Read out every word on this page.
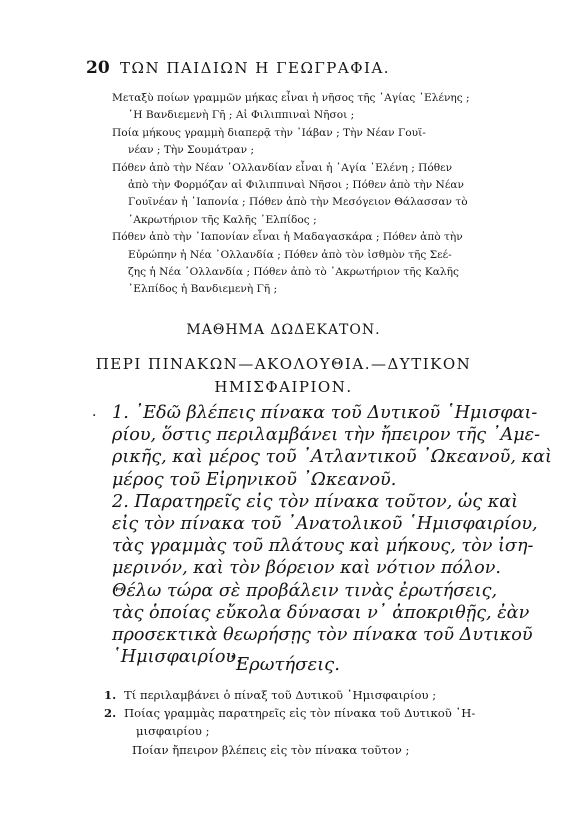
20 ΤΩΝ ΠΑΙΔΙΩΝ Η ΓΕΩΓΡΑΦΙΑ.
Μεταξὺ ποίων γραμμῶν μήκας εἶναι ἡ νῆσος τῆς ῾Αγίας ᾿Ελένης ;
῾Η Βανδιεμενὴ Γῆ ; Αἱ Φιλιππιναὶ Νῆσοι ;
Ποία μήκους γραμμὴ διαπερᾷ τὴν ᾽Ιάβαν ; Τὴν Νέαν Γουϊ-
νέαν ; Τὴν Σουμάτραν ;
Πόθεν ἀπὸ τὴν Νέαν ᾽Ολλανδίαν εἶναι ἡ ῾Αγία ᾿Ελένη ; Πόθεν
ἀπὸ τὴν Φορμόζαν αἱ Φιλιππιναὶ Νῆσοι ; Πόθεν ἀπὸ τὴν Νέαν
Γουϊνέαν ἡ ᾽Ιαπονία ; Πόθεν ἀπὸ τὴν Μεσόγειον Θάλασσαν τὸ
᾽Ακρωτήριον τῆς Καλῆς ᾽Ελπίδος ;
Πόθεν ἀπὸ τὴν ᾽Ιαπονίαν εἶναι ἡ Μαδαγασκάρα ; Πόθεν ἀπὸ τὴν
Εὐρώπην ἡ Νέα ᾽Ολλανδία ; Πόθεν ἀπὸ τὸν ἰσθμὸν τῆς Σεέ-
ζης ἡ Νέα ᾽Ολλανδία ; Πόθεν ἀπὸ τὸ ᾽Ακρωτήριον τῆς Καλῆς
᾽Ελπίδος ἡ Βανδιεμενὴ Γῆ ;
ΜΑΘΗΜΑ ΔΩΔΕΚΑΤΟΝ.
ΠΕΡΙ ΠΙΝΑΚΩΝ—ΑΚΟΛΟΥΘΙΑ.—ΔΥΤΙΚΟΝ
ΗΜΙΣΦΑΙΡΙΟΝ.
· 1. ᾽Εδῶ βλέπεις πίνακα τοῦ Δυτικοῦ ῾Ημισφαι-
ρίου, ὅστις περιλαμβάνει τὴν ἤπειρον τῆς ᾽Αμε-
ρικῆς, καὶ μέρος τοῦ ᾽Ατλαντικοῦ ᾽Ωκεανοῦ, καὶ
μέρος τοῦ Εἰρηνικοῦ ᾽Ωκεανοῦ.
2. Παρατηρεῖς εἰς τὸν πίνακα τοῦτον, ὡς καὶ
εἰς τὸν πίνακα τοῦ ᾽Ανατολικοῦ ῾Ημισφαιρίου,
τὰς γραμμὰς τοῦ πλάτους καὶ μήκους, τὸν ἰση-
μερινόν, καὶ τὸν βόρειον καὶ νότιον πόλον.
Θέλω τώρα σὲ προβάλειν τινὰς ἐρωτήσεις,
τὰς ὁποίας εὔκολα δύνασαι ν᾽ ἀποκριθῇς, ἐὰν
προσεκτικὰ θεωρήσῃς τὸν πίνακα τοῦ Δυτικοῦ
῾Ημισφαιρίου.
᾽Ερωτήσεις.
1. Τί περιλαμβάνει ὁ πίναξ τοῦ Δυτικοῦ ῾Ημισφαιρίου ;
2. Ποίας γραμμὰς παρατηρεῖς εἰς τὸν πίνακα τοῦ Δυτικοῦ ῾Η-
μισφαιρίου ;
Ποίαν ἤπειρον βλέπεις εἰς τὸν πίνακα τοῦτον ;
